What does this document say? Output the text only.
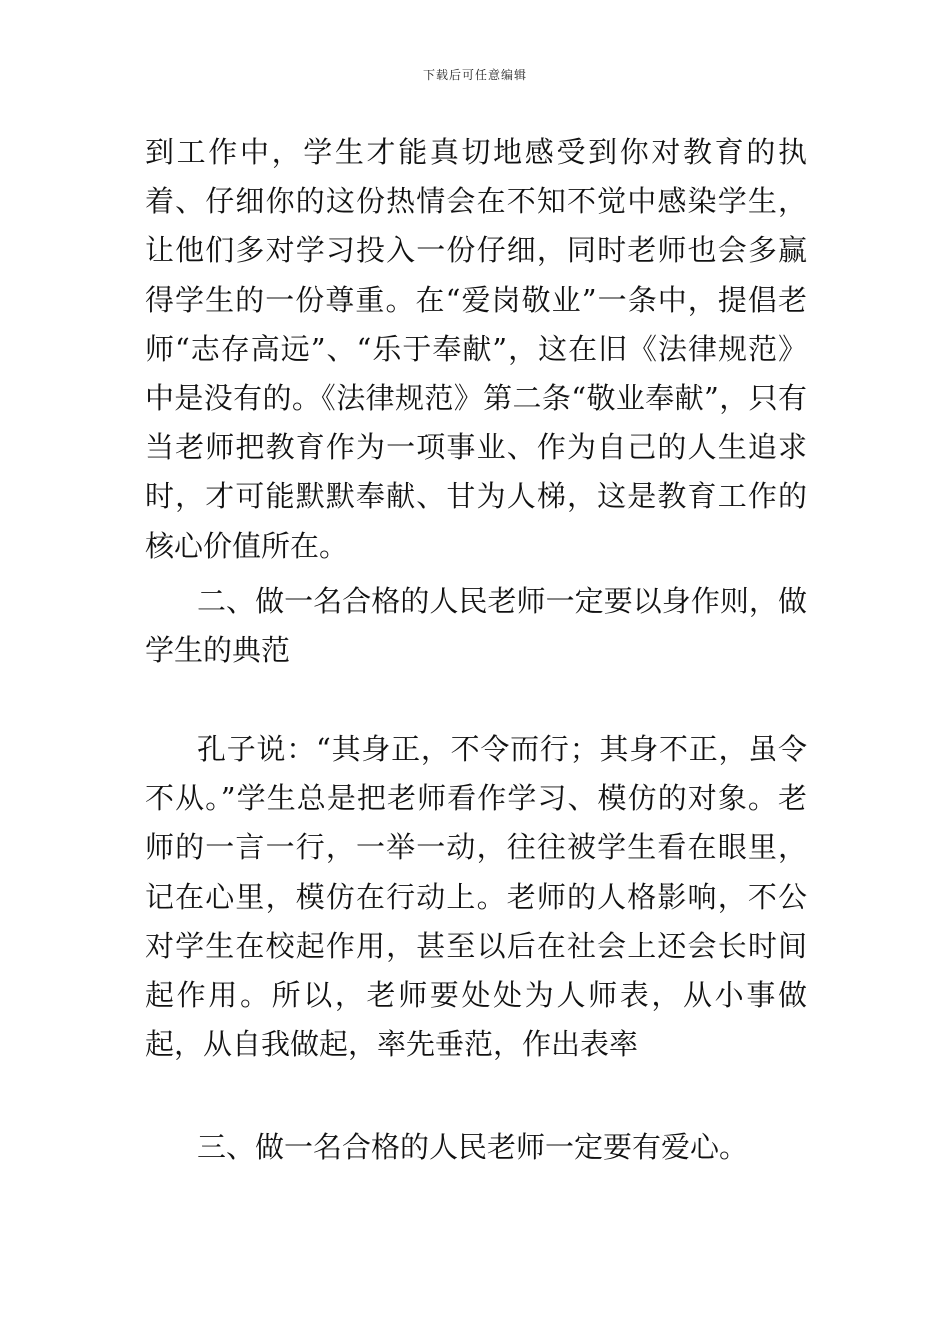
下载后可任意编辑

到工作中，学生才能真切地感受到你对教育的执着、仔细你的这份热情会在不知不觉中感染学生，让他们多对学习投入一份仔细，同时老师也会多赢得学生的一份尊重。在“爱岗敬业”一条中，提倡老师“志存高远”、“乐于奉献”，这在旧《法律规范》中是没有的。《法律规范》第二条“敬业奉献”，只有当老师把教育作为一项事业、作为自己的人生追求时，才可能默默奉献、甘为人梯，这是教育工作的核心价值所在。

二、做一名合格的人民老师一定要以身作则，做学生的典范

孔子说：“其身正，不令而行；其身不正，虽令不从。”学生总是把老师看作学习、模仿的对象。老师的一言一行，一举一动，往往被学生看在眼里，记在心里，模仿在行动上。老师的人格影响，不公对学生在校起作用，甚至以后在社会上还会长时间起作用。所以，老师要处处为人师表，从小事做起，从自我做起，率先垂范，作出表率

三、做一名合格的人民老师一定要有爱心。
